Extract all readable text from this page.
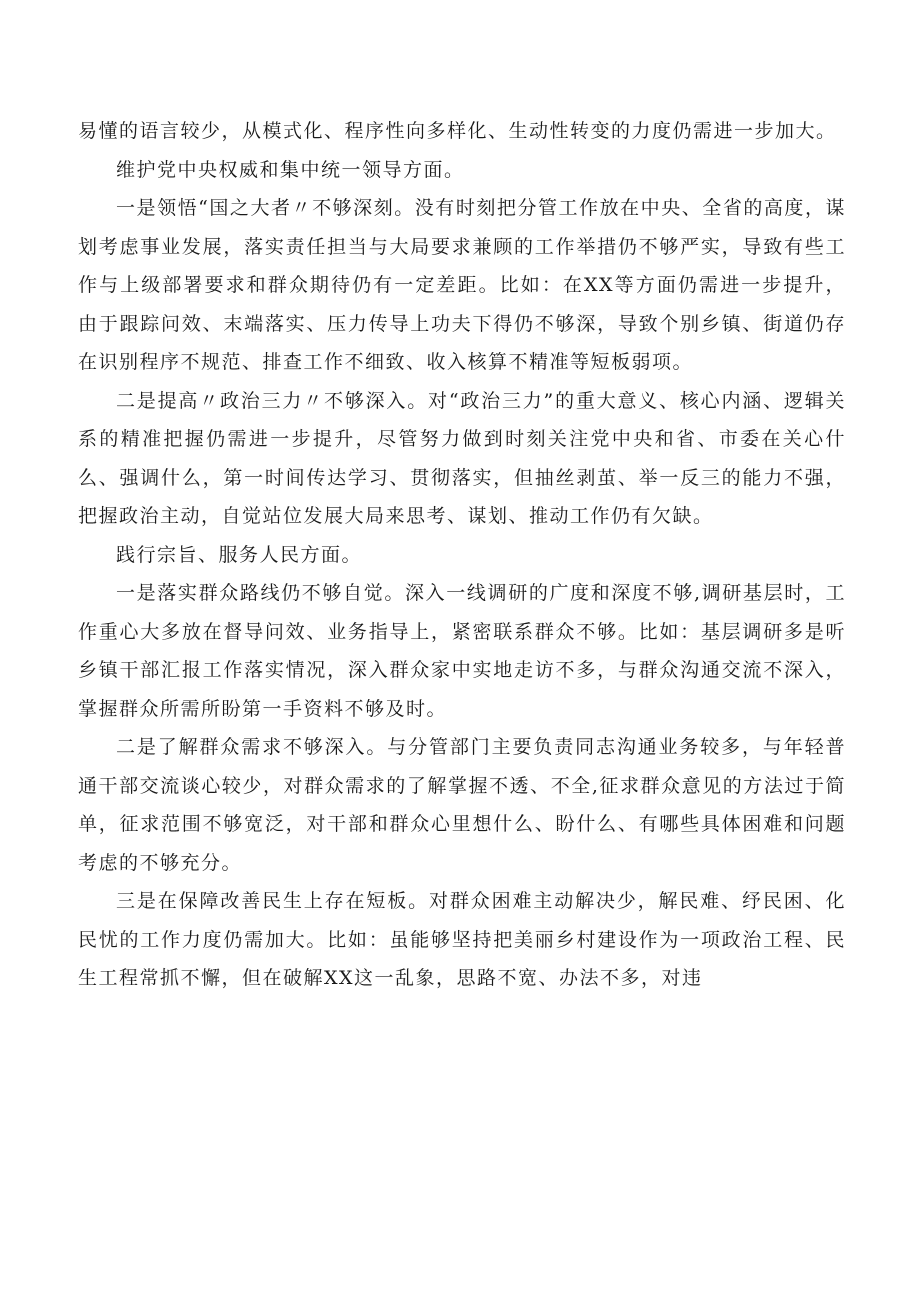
易懂的语言较少，从模式化、程序性向多样化、生动性转变的力度仍需进一步加大。

维护党中央权威和集中统一领导方面。

一是领悟“国之大者〃不够深刻。没有时刻把分管工作放在中央、全省的高度，谋划考虑事业发展，落实责任担当与大局要求兼顾的工作举措仍不够严实，导致有些工作与上级部署要求和群众期待仍有一定差距。比如：在XX等方面仍需进一步提升，由于跟踪问效、末端落实、压力传导上功夫下得仍不够深，导致个别乡镇、街道仍存在识别程序不规范、排查工作不细致、收入核算不精准等短板弱项。

二是提高〃政治三力〃不够深入。对“政治三力”的重大意义、核心内涵、逻辑关系的精准把握仍需进一步提升，尽管努力做到时刻关注党中央和省、市委在关心什么、强调什么，第一时间传达学习、贯彻落实，但抽丝剥茧、举一反三的能力不强，把握政治主动，自觉站位发展大局来思考、谋划、推动工作仍有欠缺。

践行宗旨、服务人民方面。

一是落实群众路线仍不够自觉。深入一线调研的广度和深度不够,调研基层时，工作重心大多放在督导问效、业务指导上，紧密联系群众不够。比如：基层调研多是听乡镇干部汇报工作落实情况，深入群众家中实地走访不多，与群众沟通交流不深入，掌握群众所需所盼第一手资料不够及时。

二是了解群众需求不够深入。与分管部门主要负责同志沟通业务较多，与年轻普通干部交流谈心较少，对群众需求的了解掌握不透、不全,征求群众意见的方法过于简单，征求范围不够宽泛，对干部和群众心里想什么、盼什么、有哪些具体困难和问题考虑的不够充分。

三是在保障改善民生上存在短板。对群众困难主动解决少，解民难、纾民困、化民忧的工作力度仍需加大。比如：虽能够坚持把美丽乡村建设作为一项政治工程、民生工程常抓不懈，但在破解XX这一乱象，思路不宽、办法不多，对违
